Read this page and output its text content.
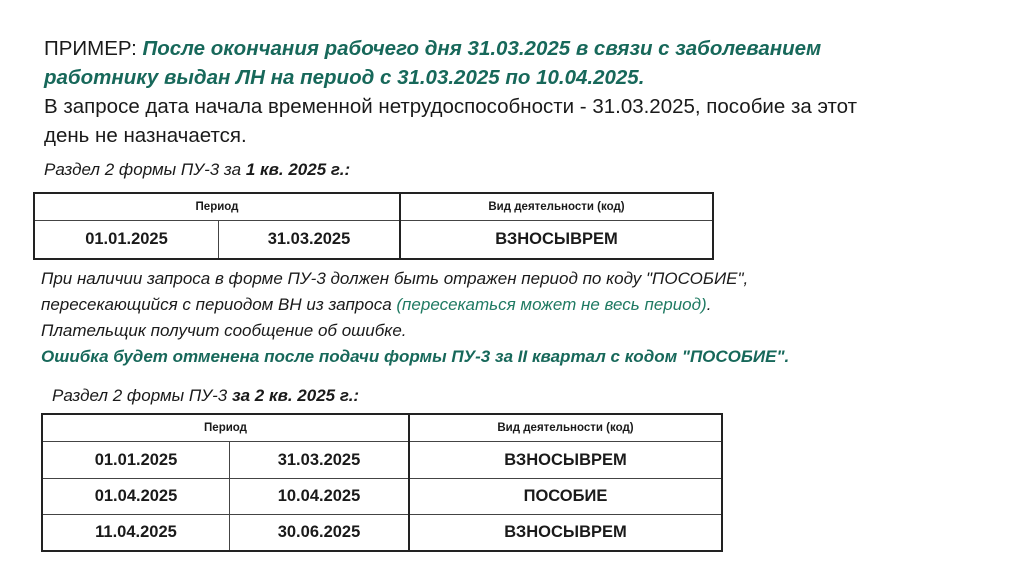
ПРИМЕР: После окончания рабочего дня 31.03.2025 в связи с заболеванием
работнику выдан ЛН на период с 31.03.2025 по 10.04.2025.
В запросе дата начала временной нетрудоспособности - 31.03.2025, пособие за этот
день не назначается.
Раздел 2 формы ПУ-3 за 1 кв. 2025 г.:
Период		Вид деятельности (код)
01.01.2025	31.03.2025	ВЗНОСЫВРЕМ
При наличии запроса в форме ПУ-3 должен быть отражен период по коду "ПОСОБИЕ",
пересекающийся с периодом ВН из запроса (пересекаться может не весь период).
Плательщик получит сообщение об ошибке.
Ошибка будет отменена после подачи формы ПУ-3 за II квартал с кодом "ПОСОБИЕ".
Раздел 2 формы ПУ-3 за 2 кв. 2025 г.:
Период		Вид деятельности (код)
01.01.2025	31.03.2025	ВЗНОСЫВРЕМ
01.04.2025	10.04.2025	ПОСОБИЕ
11.04.2025	30.06.2025	ВЗНОСЫВРЕМ
